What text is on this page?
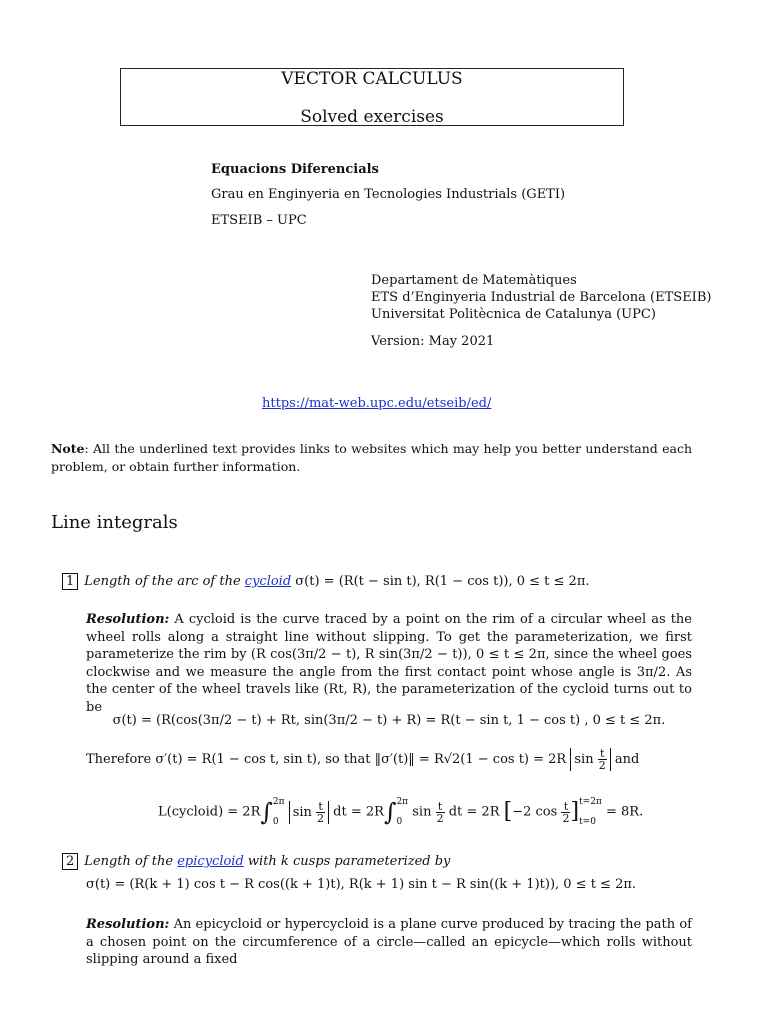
VECTOR CALCULUS
Solved exercises
Equacions Diferencials
Grau en Enginyeria en Tecnologies Industrials (GETI)
ETSEIB – UPC
Departament de Matemàtiques
ETS d’Enginyeria Industrial de Barcelona (ETSEIB)
Universitat Politècnica de Catalunya (UPC)
Version: May 2021
https://mat-web.upc.edu/etseib/ed/
Note: All the underlined text provides links to websites which may help you better understand each problem, or obtain further information.
Line integrals
1 Length of the arc of the cycloid σ(t) = (R(t − sin t), R(1 − cos t)), 0 ≤ t ≤ 2π.
Resolution: A cycloid is the curve traced by a point on the rim of a circular wheel as the wheel rolls along a straight line without slipping. To get the parameterization, we first parameterize the rim by (R cos(3π/2 − t), R sin(3π/2 − t)), 0 ≤ t ≤ 2π, since the wheel goes clockwise and we measure the angle from the first contact point whose angle is 3π/2. As the center of the wheel travels like (Rt, R), the parameterization of the cycloid turns out to be
σ(t) = (R(cos(3π/2 − t) + Rt, sin(3π/2 − t) + R) = R(t − sin t, 1 − cos t) , 0 ≤ t ≤ 2π.
Therefore σ′(t) = R(1 − cos t, sin t), so that ‖σ′(t)‖ = R√2(1 − cos t) = 2R $\sin \frac{t}{2}$ and
L(cycloid) = 2R∫2π

0 $\sin \frac{t}{2}$ dt = 2R∫2π

0 $\sin \frac{t}{2}$ dt = 2R [−2 $\cos \frac{t}{2} ]t=2\pi$

t=0 = 8R.
2 Length of the epicycloid with k cusps parameterized by
σ(t) = (R(k + 1) cos t − R cos((k + 1)t), R(k + 1) sin t − R sin((k + 1)t)), 0 ≤ t ≤ 2π.
Resolution: An epicycloid or hypercycloid is a plane curve produced by tracing the path of a chosen point on the circumference of a circle—called an epicycle—which rolls without slipping around a fixed
